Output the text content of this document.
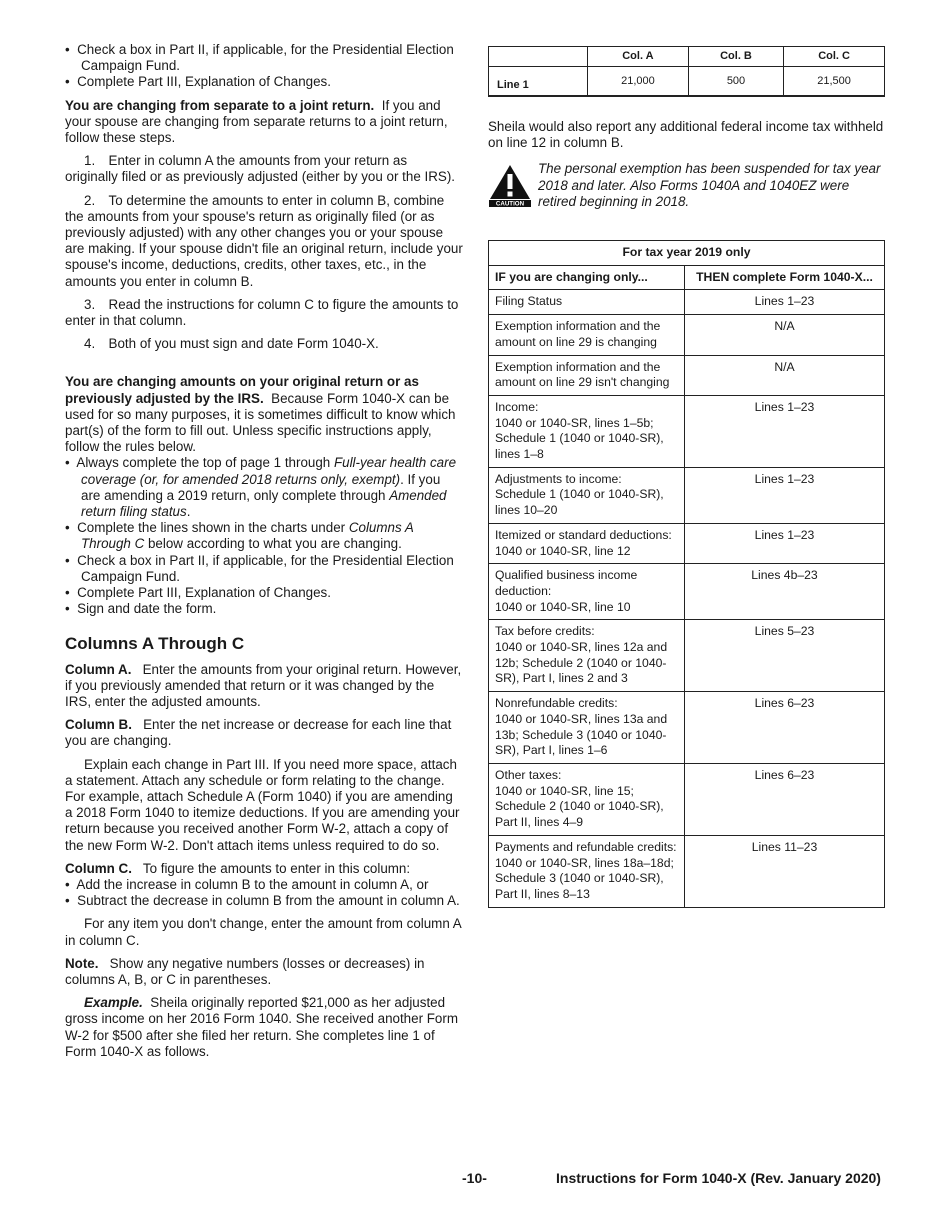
•  Check a box in Part II, if applicable, for the Presidential Election Campaign Fund.

•  Complete Part III, Explanation of Changes.

You are changing from separate to a joint return. If you and your spouse are changing from separate returns to a joint return, follow these steps.

1. Enter in column A the amounts from your return as originally filed or as previously adjusted (either by you or the IRS).

2. To determine the amounts to enter in column B, combine the amounts from your spouse's return as originally filed (or as previously adjusted) with any other changes you or your spouse are making. If your spouse didn't file an original return, include your spouse's income, deductions, credits, other taxes, etc., in the amounts you enter in column B.

3. Read the instructions for column C to figure the amounts to enter in that column.

4. Both of you must sign and date Form 1040-X.

You are changing amounts on your original return or as previously adjusted by the IRS. Because Form 1040-X can be used for so many purposes, it is sometimes difficult to know which part(s) of the form to fill out. Unless specific instructions apply, follow the rules below.

•  Always complete the top of page 1 through Full-year health care coverage (or, for amended 2018 returns only, exempt). If you are amending a 2019 return, only complete through Amended return filing status.

•  Complete the lines shown in the charts under Columns A Through C below according to what you are changing.

•  Check a box in Part II, if applicable, for the Presidential Election Campaign Fund.

•  Complete Part III, Explanation of Changes.

•  Sign and date the form.

Columns A Through C

Column A. Enter the amounts from your original return. However, if you previously amended that return or it was changed by the IRS, enter the adjusted amounts.

Column B. Enter the net increase or decrease for each line that you are changing.

Explain each change in Part III. If you need more space, attach a statement. Attach any schedule or form relating to the change. For example, attach Schedule A (Form 1040) if you are amending a 2018 Form 1040 to itemize deductions. If you are amending your return because you received another Form W-2, attach a copy of the new Form W-2. Don't attach items unless required to do so.

Column C. To figure the amounts to enter in this column:

•  Add the increase in column B to the amount in column A, or

•  Subtract the decrease in column B from the amount in column A.

For any item you don't change, enter the amount from column A in column C.

Note. Show any negative numbers (losses or decreases) in columns A, B, or C in parentheses.

Example. Sheila originally reported $21,000 as her adjusted gross income on her 2016 Form 1040. She received another Form W-2 for $500 after she filed her return. She completes line 1 of Form 1040-X as follows.

	Col. A	Col. B	Col. C
Line 1	21,000	500	21,500

Sheila would also report any additional federal income tax withheld on line 12 in column B.

CAUTION
The personal exemption has been suspended for tax year 2018 and later. Also Forms 1040A and 1040EZ were retired beginning in 2018.
For tax year 2019 only	
IF you are changing only...	THEN complete Form 1040-X...

Filing Status	Lines 1–23

Exemption information and the amount on line 29 is changing	N/A

Exemption information and the amount on line 29 isn't changing	N/A

Income:
1040 or 1040-SR, lines 1–5b; Schedule 1 (1040 or 1040-SR), lines 1–8	Lines 1–23

Adjustments to income:
Schedule 1 (1040 or 1040-SR), lines 10–20	Lines 1–23

Itemized or standard deductions:
1040 or 1040-SR, line 12	Lines 1–23

Qualified business income deduction:
1040 or 1040-SR, line 10	Lines 4b–23

Tax before credits:
1040 or 1040-SR, lines 12a and 12b; Schedule 2 (1040 or 1040-SR), Part I, lines 2 and 3	Lines 5–23

Nonrefundable credits:
1040 or 1040-SR, lines 13a and 13b; Schedule 3 (1040 or 1040-SR), Part I, lines 1–6	Lines 6–23

Other taxes:
1040 or 1040-SR, line 15; Schedule 2 (1040 or 1040-SR), Part II, lines 4–9	Lines 6–23

Payments and refundable credits:
1040 or 1040-SR, lines 18a–18d; Schedule 3 (1040 or 1040-SR), Part II, lines 8–13	Lines 11–23
-10-	Instructions for Form 1040-X (Rev. January 2020)
